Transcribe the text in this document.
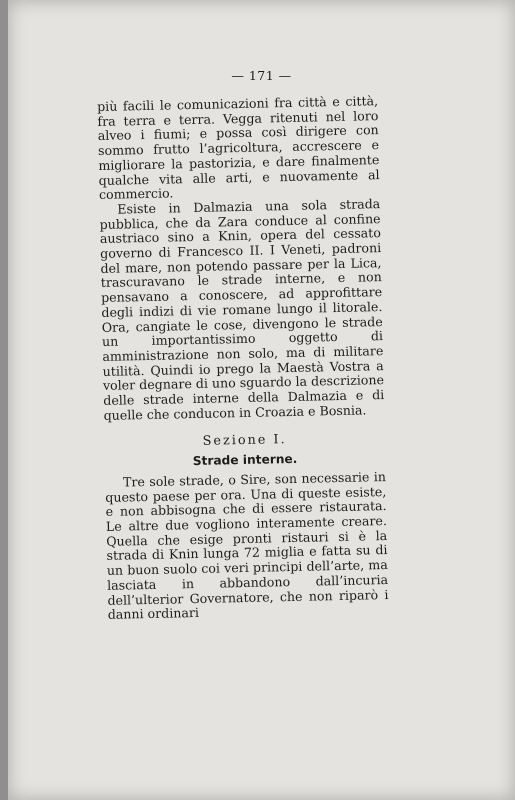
— 171 —

più facili le comunicazioni fra città e città, fra terra e terra. Vegga ritenuti nel loro alveo i fiumi; e possa così dirigere con sommo frutto l’agricoltura, accrescere e migliorare la pastorizia, e dare finalmente qualche vita alle arti, e nuovamente al commercio.

Esiste in Dalmazia una sola strada pubblica, che da Zara conduce al confine austriaco sino a Knin, opera del cessato governo di Francesco II. I Veneti, padroni del mare, non potendo passare per la Lica, trascuravano le strade interne, e non pensavano a conoscere, ad approfittare degli indizi di vie romane lungo il litorale. Ora, cangiate le cose, divengono le strade un importantissimo oggetto di amministrazione non solo, ma di militare utilità. Quindi io prego la Maestà Vostra a voler degnare di uno sguardo la descrizione delle strade interne della Dalmazia e di quelle che conducon in Croazia e Bosnia.

Sezione I.
Strade interne.

Tre sole strade, o Sire, son necessarie in questo paese per ora. Una di queste esiste, e non abbisogna che di essere ristaurata. Le altre due vogliono interamente creare. Quella che esige pronti ristauri si è la strada di Knin lunga 72 miglia e fatta su di un buon suolo coi veri principi dell’arte, ma lasciata in abbandono dall’incuria dell’ulterior Governatore, che non riparò i danni ordinari
